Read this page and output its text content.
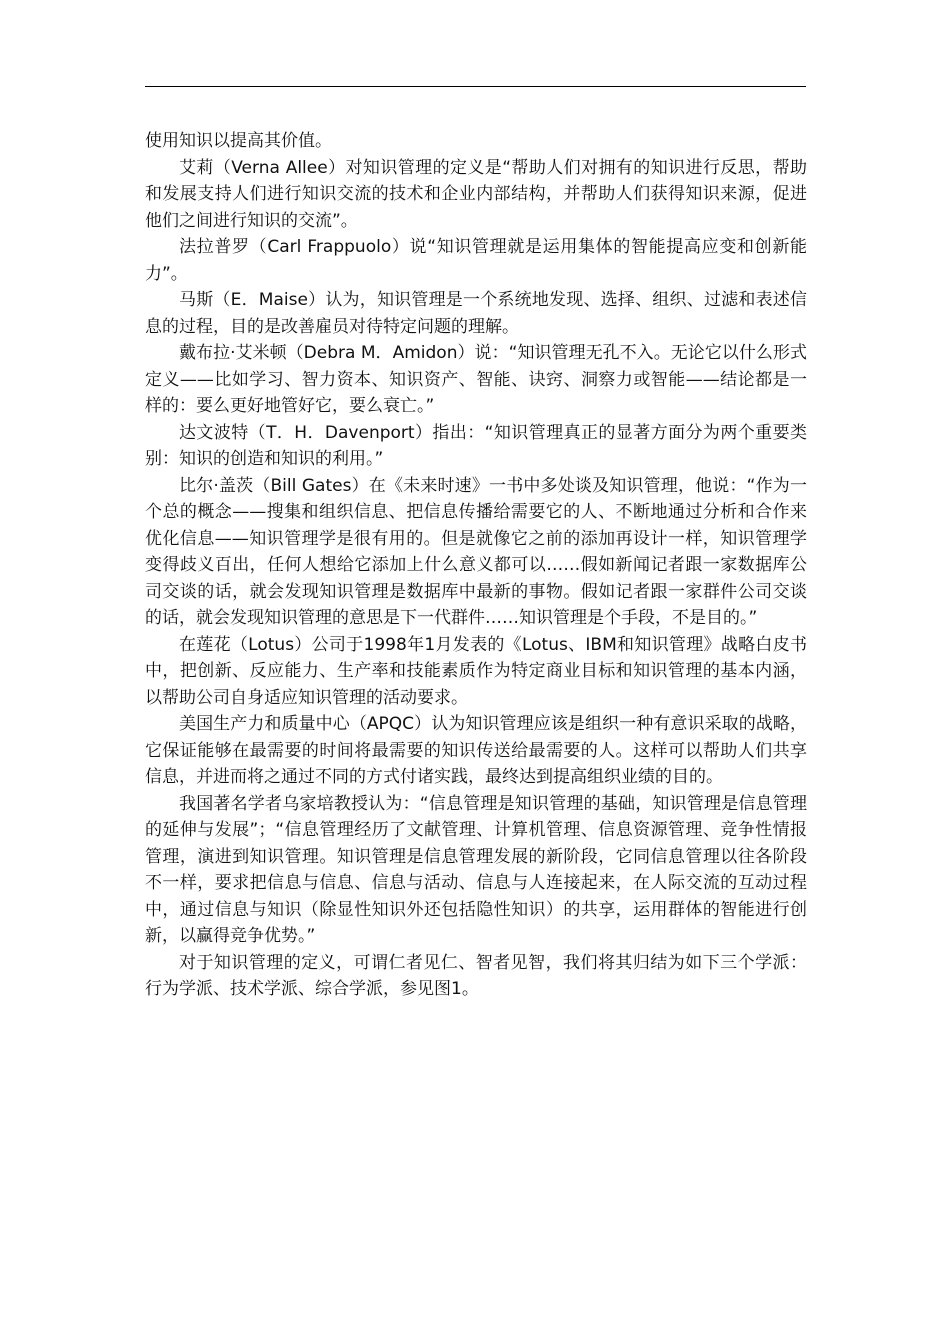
使用知识以提高其价值。

艾莉（Verna Allee）对知识管理的定义是“帮助人们对拥有的知识进行反思，帮助和发展支持人们进行知识交流的技术和企业内部结构，并帮助人们获得知识来源，促进他们之间进行知识的交流”。

法拉普罗（Carl Frappuolo）说“知识管理就是运用集体的智能提高应变和创新能力”。

马斯（E．Maise）认为，知识管理是一个系统地发现、选择、组织、过滤和表述信息的过程，目的是改善雇员对待特定问题的理解。

戴布拉·艾米顿（Debra M．Amidon）说：“知识管理无孔不入。无论它以什么形式定义——比如学习、智力资本、知识资产、智能、诀窍、洞察力或智能——结论都是一样的：要么更好地管好它，要么衰亡。”

达文波特（T．H．Davenport）指出：“知识管理真正的显著方面分为两个重要类别：知识的创造和知识的利用。”

比尔·盖茨（Bill Gates）在《未来时速》一书中多处谈及知识管理，他说：“作为一个总的概念——搜集和组织信息、把信息传播给需要它的人、不断地通过分析和合作来优化信息——知识管理学是很有用的。但是就像它之前的添加再设计一样，知识管理学变得歧义百出，任何人想给它添加上什么意义都可以……假如新闻记者跟一家数据库公司交谈的话，就会发现知识管理是数据库中最新的事物。假如记者跟一家群件公司交谈的话，就会发现知识管理的意思是下一代群件……知识管理是个手段，不是目的。”

在莲花（Lotus）公司于1998年1月发表的《Lotus、IBM和知识管理》战略白皮书中，把创新、反应能力、生产率和技能素质作为特定商业目标和知识管理的基本内涵，以帮助公司自身适应知识管理的活动要求。

美国生产力和质量中心（APQC）认为知识管理应该是组织一种有意识采取的战略，它保证能够在最需要的时间将最需要的知识传送给最需要的人。这样可以帮助人们共享信息，并进而将之通过不同的方式付诸实践，最终达到提高组织业绩的目的。

我国著名学者乌家培教授认为：“信息管理是知识管理的基础，知识管理是信息管理的延伸与发展”；“信息管理经历了文献管理、计算机管理、信息资源管理、竞争性情报管理，演进到知识管理。知识管理是信息管理发展的新阶段，它同信息管理以往各阶段不一样，要求把信息与信息、信息与活动、信息与人连接起来，在人际交流的互动过程中，通过信息与知识（除显性知识外还包括隐性知识）的共享，运用群体的智能进行创新，以赢得竞争优势。”

对于知识管理的定义，可谓仁者见仁、智者见智，我们将其归结为如下三个学派：行为学派、技术学派、综合学派，参见图1。
